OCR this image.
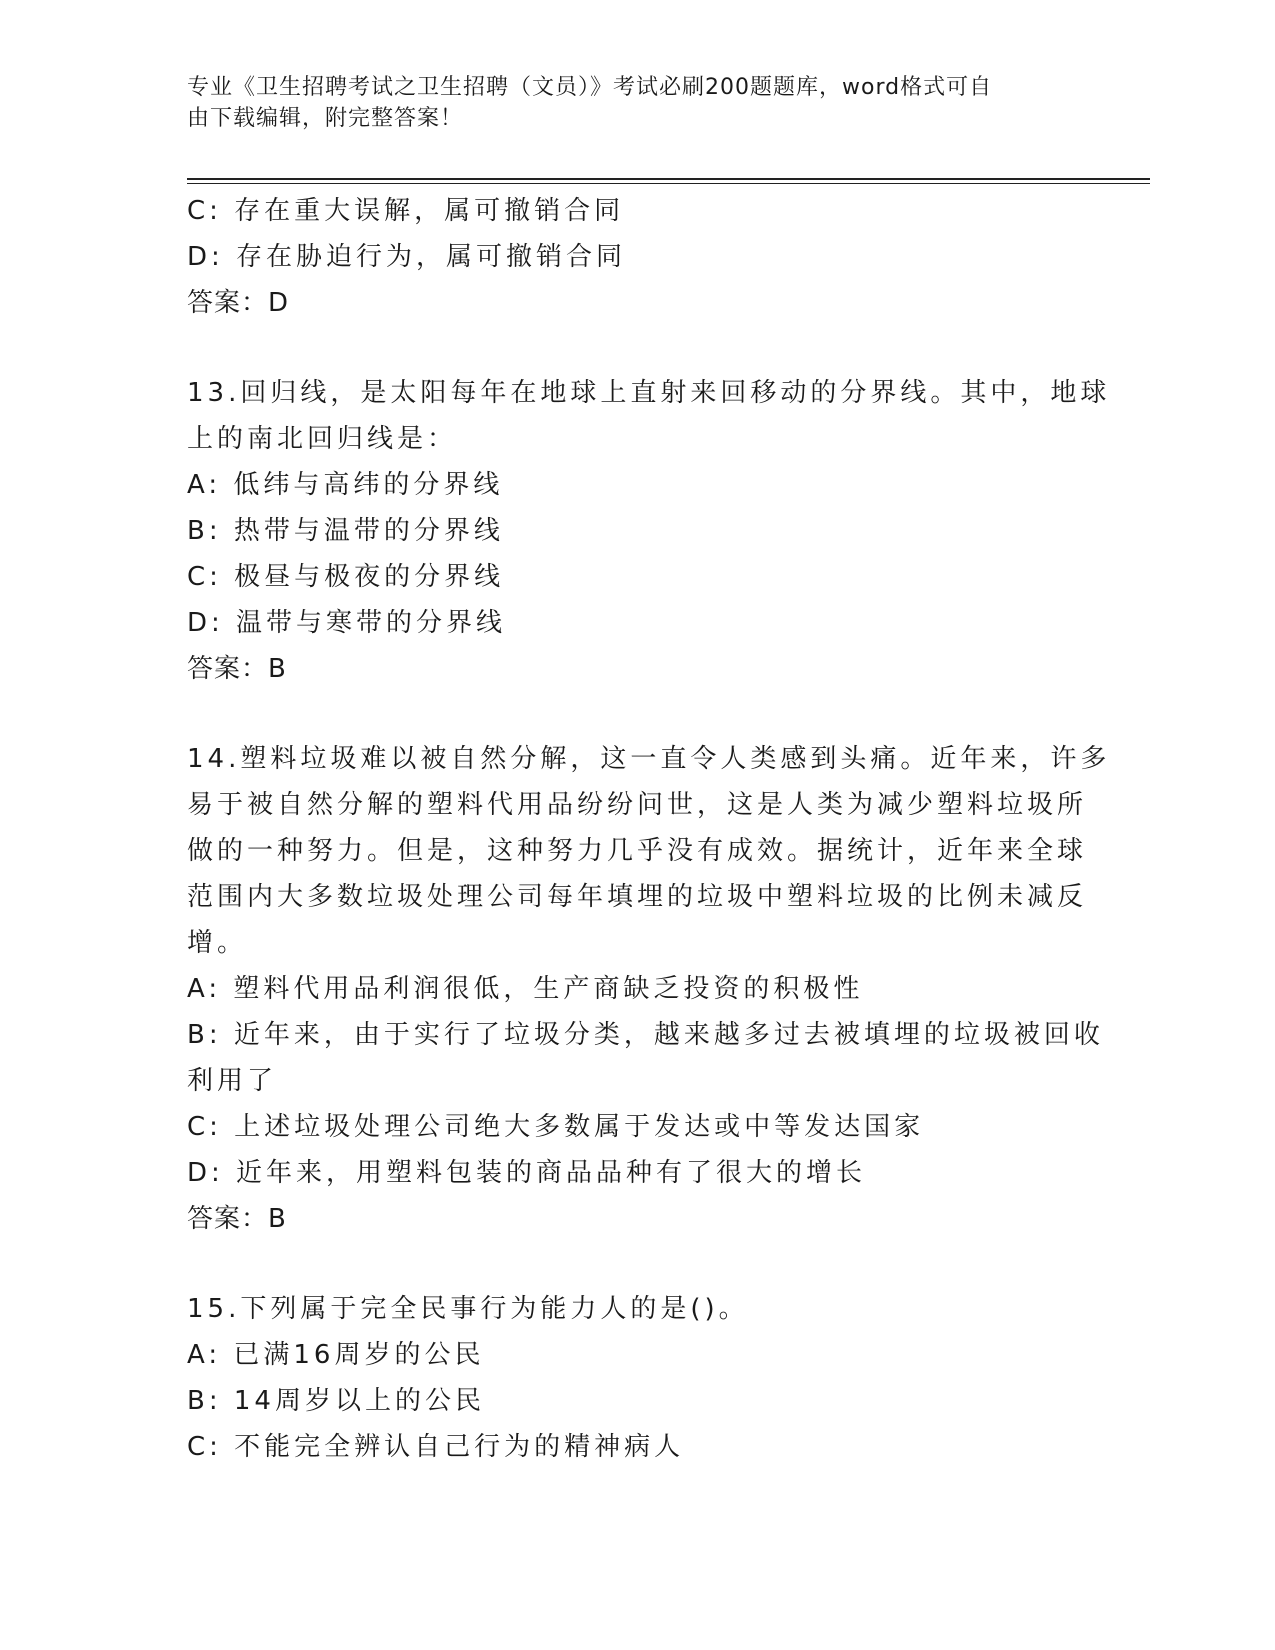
专业《卫生招聘考试之卫生招聘（文员）》考试必刷200题题库，word格式可自
由下载编辑，附完整答案！
C: 存在重大误解，属可撤销合同
D: 存在胁迫行为，属可撤销合同
答案：D
13.回归线，是太阳每年在地球上直射来回移动的分界线。其中，地球
上的南北回归线是：
A: 低纬与高纬的分界线
B: 热带与温带的分界线
C: 极昼与极夜的分界线
D: 温带与寒带的分界线
答案：B
14.塑料垃圾难以被自然分解，这一直令人类感到头痛。近年来，许多
易于被自然分解的塑料代用品纷纷问世，这是人类为减少塑料垃圾所
做的一种努力。但是，这种努力几乎没有成效。据统计，近年来全球
范围内大多数垃圾处理公司每年填埋的垃圾中塑料垃圾的比例未减反
增。
A: 塑料代用品利润很低，生产商缺乏投资的积极性
B: 近年来，由于实行了垃圾分类，越来越多过去被填埋的垃圾被回收
利用了
C: 上述垃圾处理公司绝大多数属于发达或中等发达国家
D: 近年来，用塑料包装的商品品种有了很大的增长
答案：B
15.下列属于完全民事行为能力人的是()。
A: 已满16周岁的公民
B: 14周岁以上的公民
C: 不能完全辨认自己行为的精神病人
